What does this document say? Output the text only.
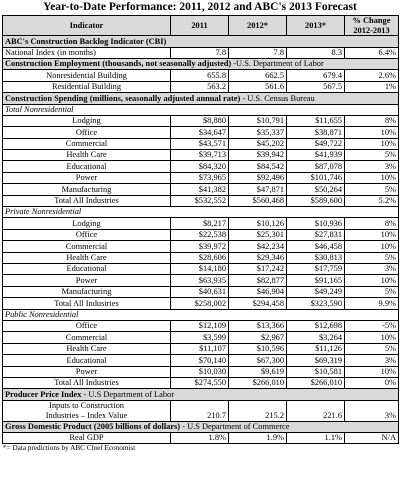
Year-to-Date Performance: 2011, 2012 and ABC's 2013 Forecast
Indicator	2011	2012*	2013*	% Change
2012-2013
ABC's Construction Backlog Indicator (CBI)				
National Index (in months)	7.8	7.8	8.3	6.4%
Construction Employment (thousands, not seasonally adjusted) -U.S. Department of Labor				
Nonresidential Building	655.8	662.5	679.4	2.6%
Residential Building	563.2	561.6	567.5	1%
Construction Spending (millions, seasonally adjusted annual rate) - U.S. Census Bureau				
Total Nonresidential				
Lodging	$8,880	$10,791	$11,655	8%
Office	$34,647	$35,337	$38,871	10%
Commercial	$43,571	$45,202	$49,722	10%
Health Care	$39,713	$39,942	$41,939	5%
Educational	$84,320	$84,542	$87,078	3%
Power	$73,965	$92,496	$101,746	10%
Manufacturing	$41,382	$47,871	$50,264	5%
Total All Industries	$532,552	$560,468	$589,600	5.2%
Private Nonresidential				
Lodging	$8,217	$10,126	$10,936	8%
Office	$22,538	$25,301	$27,831	10%
Commercial	$39,972	$42,234	$46,458	10%
Health Care	$28,606	$29,346	$30,813	5%
Educational	$14,180	$17,242	$17,759	3%
Power	$63,935	$82,877	$91,165	10%
Manufacturing	$40,631	$46,904	$49,249	5%
Total All Industries	$258,002	$294,458	$323,590	9.9%
Public Nonresidential				
Office	$12,109	$13,366	$12,698	-5%
Commercial	$3,599	$2,967	$3,264	10%
Health Care	$11,107	$10,596	$11,126	5%
Educational	$70,140	$67,300	$69,319	3%
Power	$10,030	$9,619	$10,581	10%
Total All Industries	$274,550	$266,010	$266,010	0%
Producer Price Index - U.S Department of Labor				
Inputs to Construction
Industries – Index Value	210.7	215.2	221.6	3%
Gross Domestic Product (2005 billions of dollars) - U.S Department of Commerce				
Real GDP	1.8%	1.9%	1.1%	N/A
*= Data predictions by ABC Chief Economist
